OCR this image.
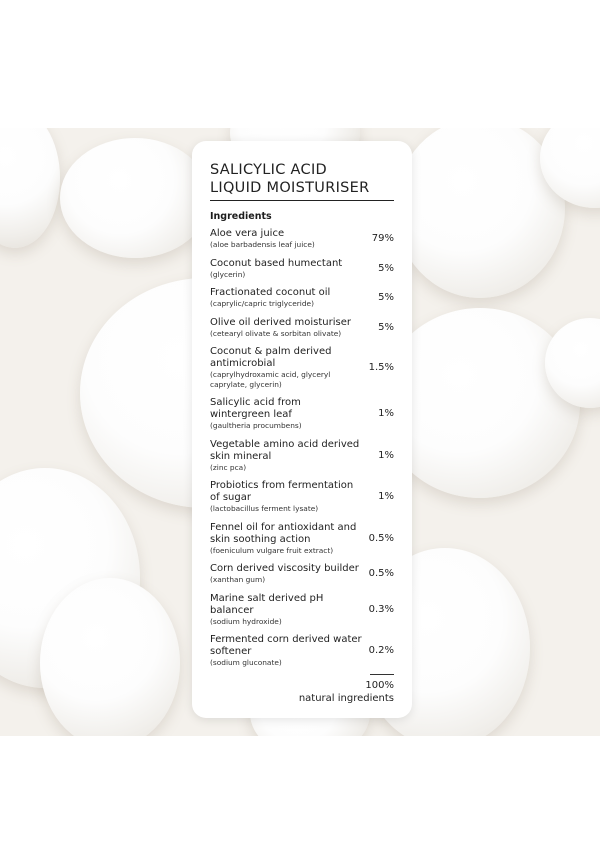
SALICYLIC ACID
LIQUID MOISTURISER
Ingredients
Aloe vera juice
(aloe barbadensis leaf juice)
79%
Coconut based humectant
(glycerin)
5%
Fractionated coconut oil
(caprylic/capric triglyceride)
5%
Olive oil derived moisturiser
(cetearyl olivate & sorbitan olivate)
5%
Coconut & palm derived antimicrobial
(caprylhydroxamic acid, glyceryl caprylate, glycerin)
1.5%
Salicylic acid from wintergreen leaf
(gaultheria procumbens)
1%
Vegetable amino acid derived skin mineral
(zinc pca)
1%
Probiotics from fermentation of sugar
(lactobacillus ferment lysate)
1%
Fennel oil for antioxidant and skin soothing action
(foeniculum vulgare fruit extract)
0.5%
Corn derived viscosity builder
(xanthan gum)
0.5%
Marine salt derived pH balancer
(sodium hydroxide)
0.3%
Fermented corn derived water softener
(sodium gluconate)
0.2%
100%
natural ingredients
